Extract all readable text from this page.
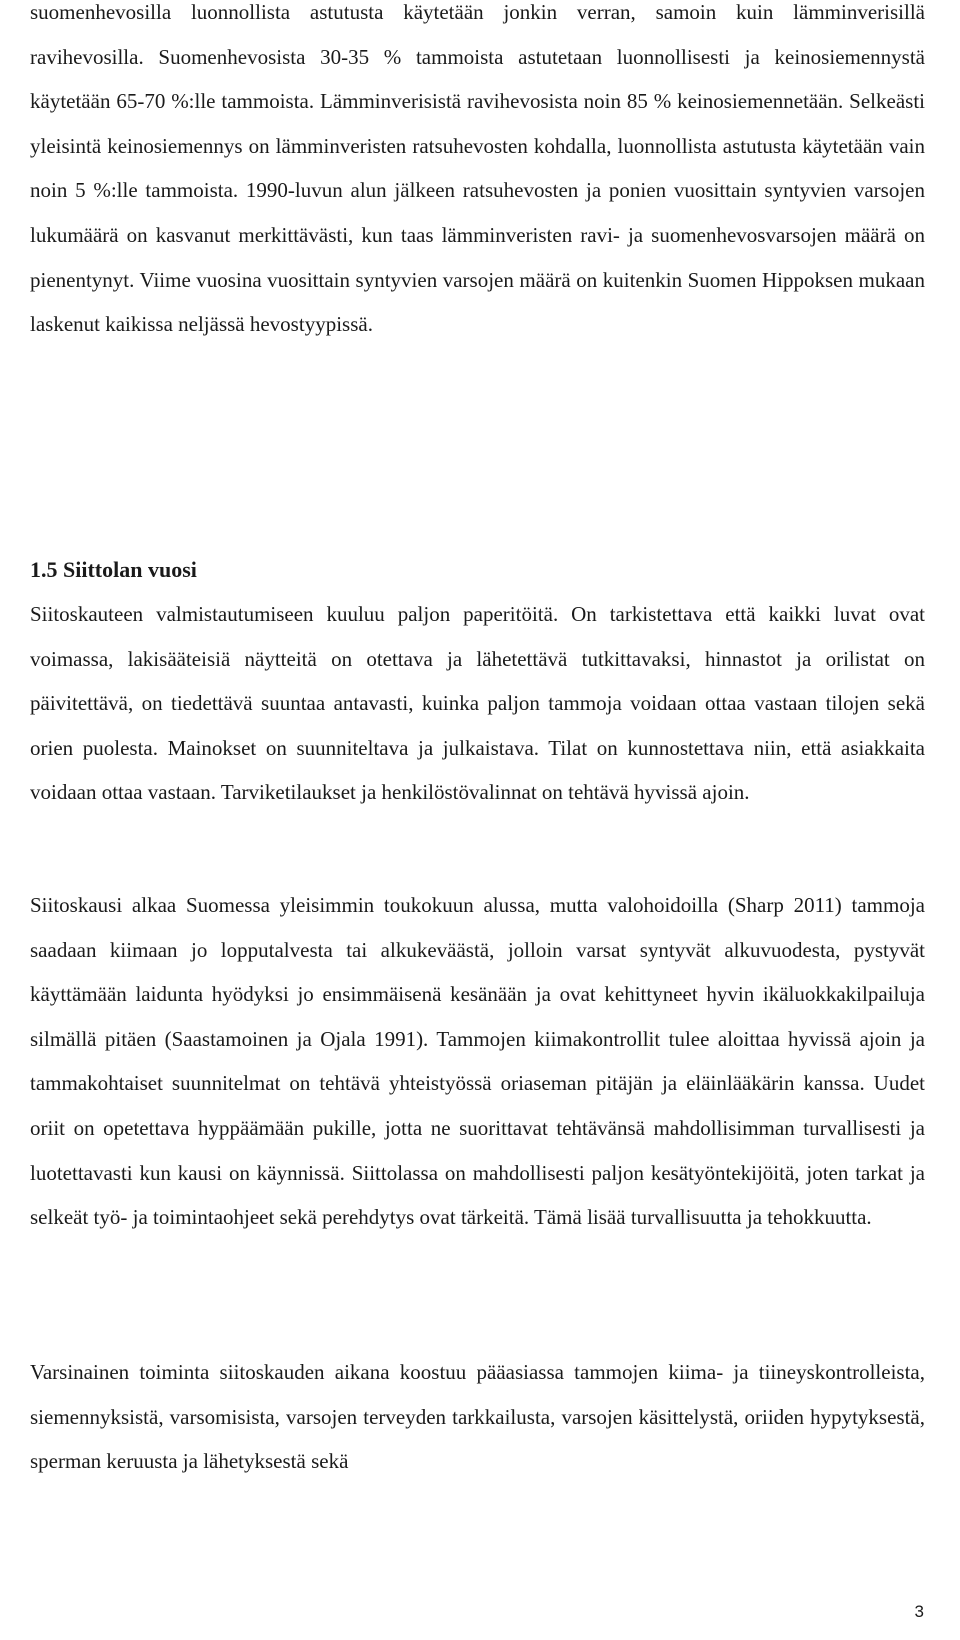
suomenhevosilla luonnollista astutusta käytetään jonkin verran, samoin kuin lämminverisillä ravihevosilla. Suomenhevosista 30-35 % tammoista astutetaan luonnollisesti ja keinosiemennystä käytetään 65-70 %:lle tammoista. Lämminverisistä ravihevosista noin 85 % keinosiemennetään. Selkeästi yleisintä keinosiemennys on lämminveristen ratsuhevosten kohdalla, luonnollista astutusta käytetään vain noin 5 %:lle tammoista. 1990-luvun alun jälkeen ratsuhevosten ja ponien vuosittain syntyvien varsojen lukumäärä on kasvanut merkittävästi, kun taas lämminveristen ravi- ja suomenhevosvarsojen määrä on pienentynyt. Viime vuosina vuosittain syntyvien varsojen määrä on kuitenkin Suomen Hippoksen mukaan laskenut kaikissa neljässä hevostyypissä.

1.5 Siittolan vuosi

Siitoskauteen valmistautumiseen kuuluu paljon paperitöitä. On tarkistettava että kaikki luvat ovat voimassa, lakisääteisiä näytteitä on otettava ja lähetettävä tutkittavaksi, hinnastot ja orilistat on päivitettävä, on tiedettävä suuntaa antavasti, kuinka paljon tammoja voidaan ottaa vastaan tilojen sekä orien puolesta. Mainokset on suunniteltava ja julkaistava. Tilat on kunnostettava niin, että asiakkaita voidaan ottaa vastaan. Tarviketilaukset ja henkilöstövalinnat on tehtävä hyvissä ajoin.

Siitoskausi alkaa Suomessa yleisimmin toukokuun alussa, mutta valohoidoilla (Sharp 2011) tammoja saadaan kiimaan jo lopputalvesta tai alkukeväästä, jolloin varsat syntyvät alkuvuodesta, pystyvät käyttämään laidunta hyödyksi jo ensimmäisenä kesänään ja ovat kehittyneet hyvin ikäluokkakilpailuja silmällä pitäen (Saastamoinen ja Ojala 1991). Tammojen kiimakontrollit tulee aloittaa hyvissä ajoin ja tammakohtaiset suunnitelmat on tehtävä yhteistyössä oriaseman pitäjän ja eläinlääkärin kanssa. Uudet oriit on opetettava hyppäämään pukille, jotta ne suorittavat tehtävänsä mahdollisimman turvallisesti ja luotettavasti kun kausi on käynnissä. Siittolassa on mahdollisesti paljon kesätyöntekijöitä, joten tarkat ja selkeät työ- ja toimintaohjeet sekä perehdytys ovat tärkeitä. Tämä lisää turvallisuutta ja tehokkuutta.

Varsinainen toiminta siitoskauden aikana koostuu pääasiassa tammojen kiima- ja tiineyskontrolleista, siemennyksistä, varsomisista, varsojen terveyden tarkkailusta, varsojen käsittelystä, oriiden hypytyksestä, sperman keruusta ja lähetyksestä sekä

3
